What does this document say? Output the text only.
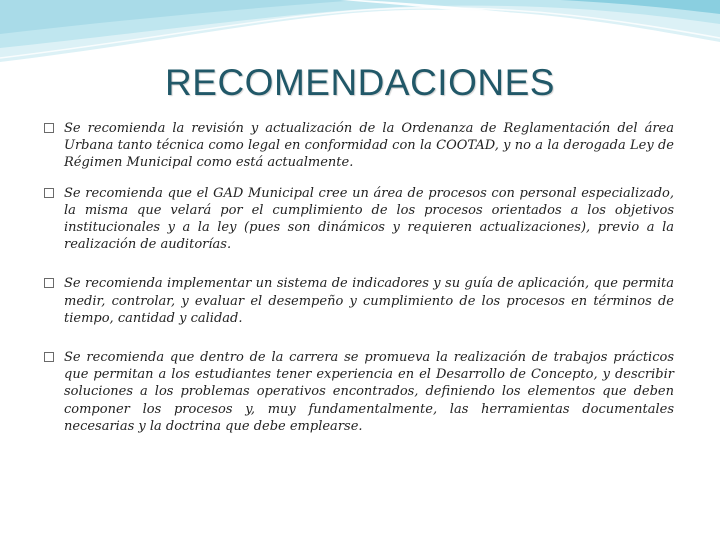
RECOMENDACIONES
Se recomienda la revisión y actualización de la Ordenanza de Reglamentación del área Urbana tanto técnica como legal en conformidad con la COOTAD, y no a la derogada Ley de Régimen Municipal como está actualmente.
Se recomienda que el GAD Municipal cree un área de procesos con personal especializado, la misma que velará por el cumplimiento de los procesos orientados a los objetivos institucionales y a la ley (pues son dinámicos y requieren actualizaciones), previo a la realización de auditorías.
Se recomienda implementar un sistema de indicadores y su guía de aplicación, que permita medir, controlar, y evaluar el desempeño y cumplimiento de los procesos en términos de tiempo, cantidad y calidad.
Se recomienda que dentro de la carrera se promueva la realización de trabajos prácticos que permitan a los estudiantes tener experiencia en el Desarrollo de Concepto, y describir soluciones a los problemas operativos encontrados, definiendo los elementos que deben componer los procesos y, muy fundamentalmente, las herramientas documentales necesarias y la doctrina que debe emplearse.
